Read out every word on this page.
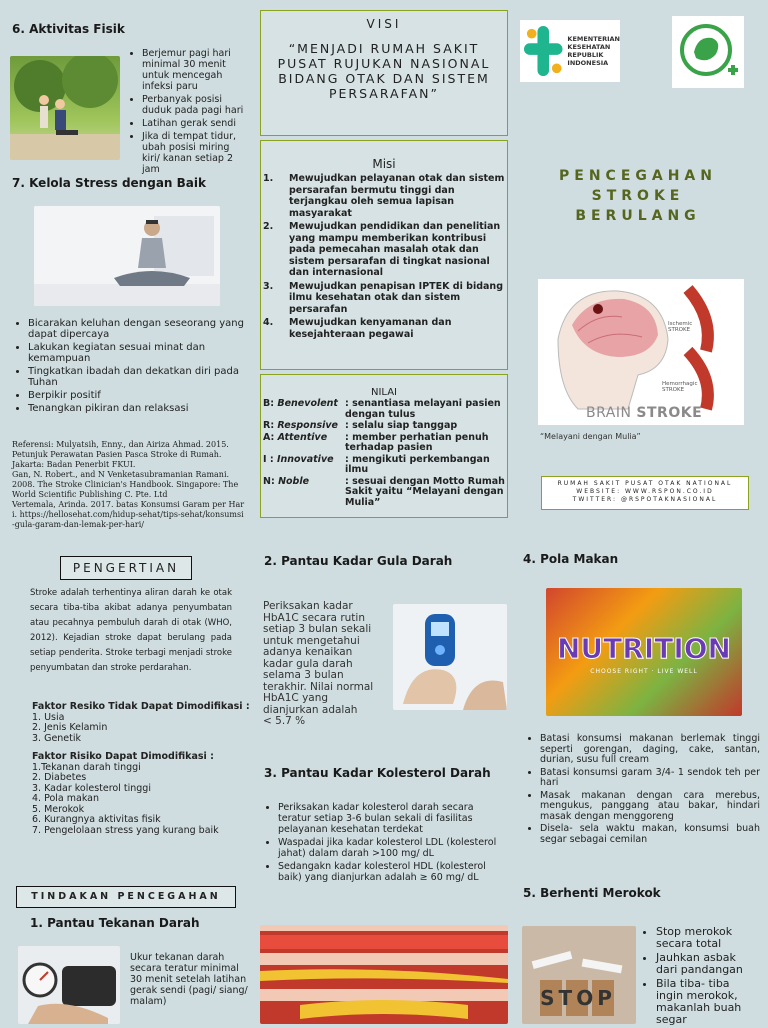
6. Aktivitas Fisik
• Berjemur pagi hari minimal 30 menit untuk mencegah infeksi paru
• Perbanyak posisi duduk pada pagi hari
• Latihan gerak sendi
• Jika di tempat tidur, ubah posisi miring kiri/ kanan setiap 2 jam
7. Kelola Stress dengan Baik
• Bicarakan keluhan dengan seseorang yang dapat dipercaya
• Lakukan kegiatan sesuai minat dan kemampuan
• Tingkatkan ibadah dan dekatkan diri pada Tuhan
• Berpikir positif
• Tenangkan pikiran dan relaksasi
Referensi: Mulyatsih, Enny., dan Airiza Ahmad. 2015. Petunjuk Perawatan Pasien Pasca Stroke di Rumah. Jakarta: Badan Penerbit FKUI.
Gan, N. Robert., and N Venketasubramanian Ramani. 2008. The Stroke Clinician's Handbook. Singapore: The World Scientific Publishing C. Pte. Ltd
Vertemala, Arinda. 2017. batas Konsumsi Garam per Hari. https://hellosehat.com/hidup-sehat/tips-sehat/konsumsi-gula-garam-dan-lemak-per-hari/
VISI
“MENJADI RUMAH SAKIT PUSAT RUJUKAN NASIONAL BIDANG OTAK DAN SISTEM PERSARAFAN”
Misi
1.	Mewujudkan pelayanan otak dan sistem persarafan bermutu tinggi dan terjangkau oleh semua lapisan masyarakat
2.	Mewujudkan pendidikan dan penelitian yang mampu memberikan kontribusi pada pemecahan masalah otak dan sistem persarafan di tingkat nasional dan internasional
3.	Mewujudkan penapisan IPTEK di bidang ilmu kesehatan otak dan sistem persarafan
4.	Mewujudkan kenyamanan dan kesejahteraan pegawai
NILAI
B: Benevolent : senantiasa melayani pasien dengan tulus
R: Responsive : selalu siap tanggap
A: Attentive	: member perhatian penuh terhadap pasien
I : Innovative	: mengikuti perkembangan ilmu
N: Noble	: sesuai dengan Motto Rumah Sakit yaitu “Melayani dengan Mulia”
KEMENTERIAN
KESEHATAN
REPUBLIK
INDONESIA
PENCEGAHAN
STROKE
BERULANG
Ischemic STROKE
Hemorrhagic STROKE
BRAIN STROKE
“Melayani dengan Mulia”
RUMAH SAKIT PUSAT OTAK NATIONAL
WEBSITE: WWW.RSPON.CO.ID
TWITTER: @RSPOTAKNASIONAL
PENGERTIAN
Stroke adalah terhentinya aliran darah ke otak secara tiba-tiba akibat adanya penyumbatan atau pecahnya pembuluh darah di otak (WHO, 2012). Kejadian stroke dapat berulang pada setiap penderita. Stroke terbagi menjadi stroke penyumbatan dan stroke perdarahan.
Faktor Resiko Tidak Dapat Dimodifikasi :
1. Usia
2. Jenis Kelamin
3. Genetik
Faktor Risiko Dapat Dimodifikasi :
1.Tekanan darah tinggi
2. Diabetes
3. Kadar kolesterol tinggi
4. Pola makan
5. Merokok
6. Kurangnya aktivitas fisik
7. Pengelolaan stress yang kurang baik
TINDAKAN PENCEGAHAN
1. Pantau Tekanan Darah
Ukur tekanan darah secara teratur minimal 30 menit setelah latihan gerak sendi (pagi/ siang/ malam)
2. Pantau Kadar Gula Darah
Periksakan kadar HbA1C secara rutin setiap 3 bulan sekali untuk mengetahui adanya kenaikan kadar gula darah selama 3 bulan terakhir. Nilai normal HbA1C yang dianjurkan adalah
< 5.7 %
3. Pantau Kadar Kolesterol Darah
• Periksakan kadar kolesterol darah secara teratur setiap 3-6 bulan sekali di fasilitas pelayanan kesehatan terdekat
• Waspadai jika kadar kolesterol LDL (kolesterol jahat) dalam darah >100 mg/ dL
• Sedangakn kadar kolesterol HDL (kolesterol baik) yang dianjurkan adalah ≥ 60 mg/ dL
4. Pola Makan
NUTRITION
CHOOSE RIGHT · LIVE WELL
• Batasi konsumsi makanan berlemak tinggi seperti gorengan, daging, cake, santan, durian, susu full cream
• Batasi konsumsi garam 3/4- 1 sendok teh per hari
• Masak makanan dengan cara merebus, mengukus, panggang atau bakar, hindari masak dengan menggoreng
• Disela- sela waktu makan, konsumsi buah segar sebagai cemilan
5. Berhenti Merokok
STOP
• Stop merokok secara total
• Jauhkan asbak dari pandangan
• Bila tiba- tiba ingin merokok, makanlah buah segar
